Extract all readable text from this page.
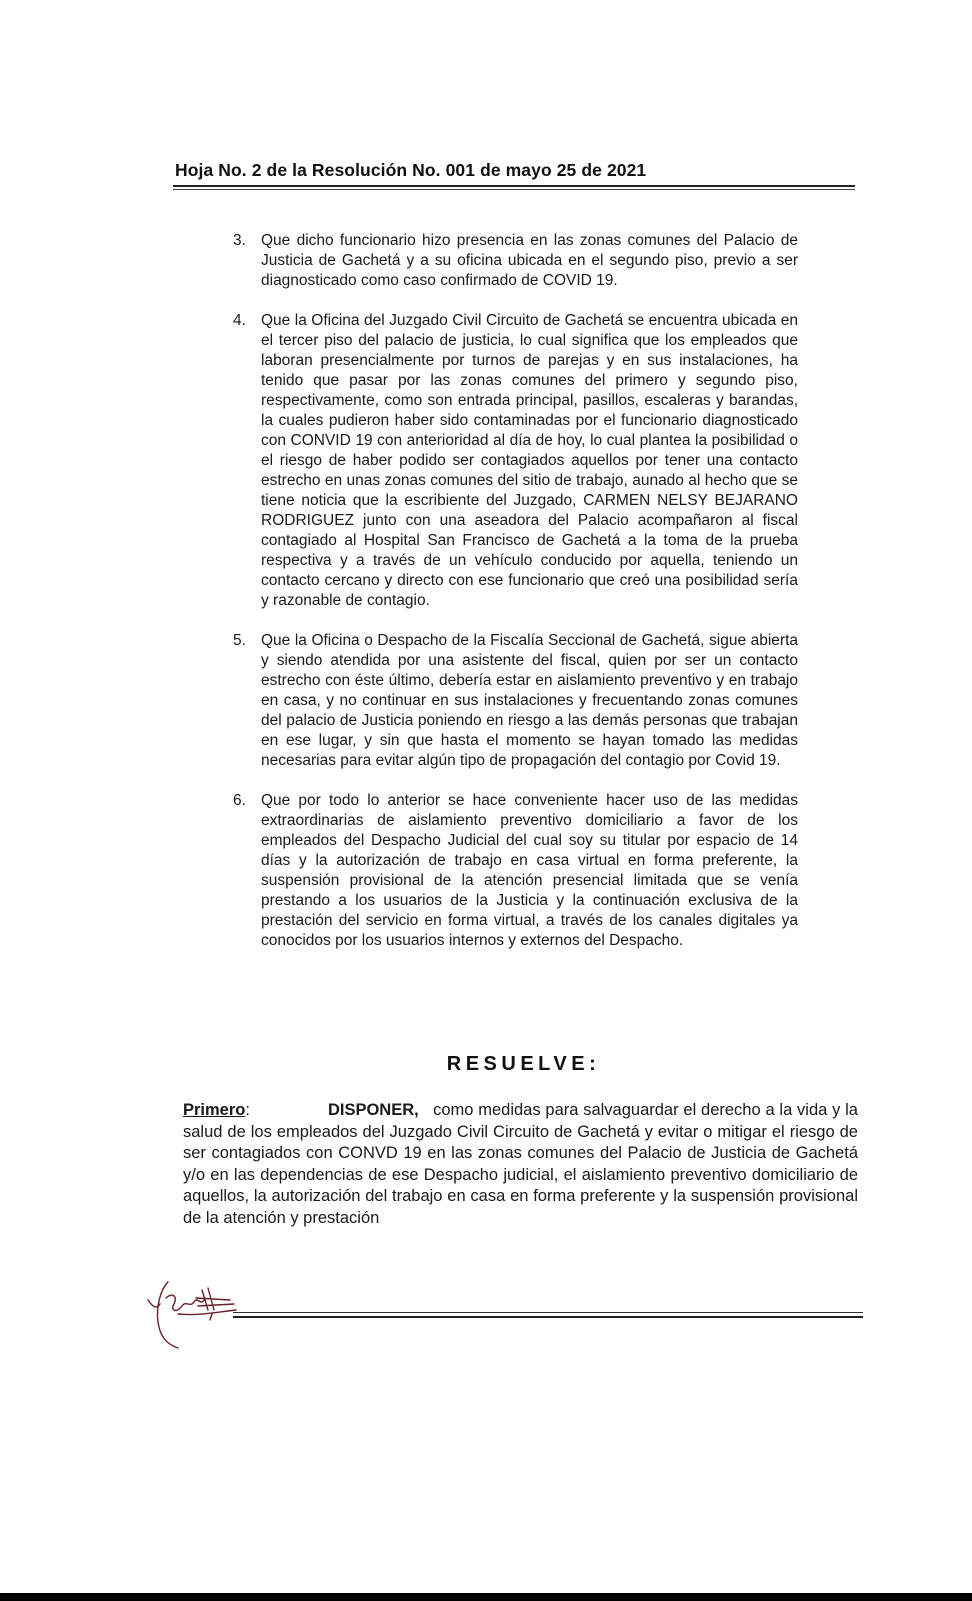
Hoja No. 2 de la Resolución No. 001 de mayo 25 de 2021
3. Que dicho funcionario hizo presencia en las zonas comunes del Palacio de Justicia de Gachetá y a su oficina ubicada en el segundo piso, previo a ser diagnosticado como caso confirmado de COVID 19.

4. Que la Oficina del Juzgado Civil Circuito de Gachetá se encuentra ubicada en el tercer piso del palacio de justicia, lo cual significa que los empleados que laboran presencialmente por turnos de parejas y en sus instalaciones, ha tenido que pasar por las zonas comunes del primero y segundo piso, respectivamente, como son entrada principal, pasillos, escaleras y barandas, la cuales pudieron haber sido contaminadas por el funcionario diagnosticado con CONVID 19 con anterioridad al día de hoy, lo cual plantea la posibilidad o el riesgo de haber podido ser contagiados aquellos por tener una contacto estrecho en unas zonas comunes del sitio de trabajo, aunado al hecho que se tiene noticia que la escribiente del Juzgado, CARMEN NELSY BEJARANO RODRIGUEZ junto con una aseadora del Palacio acompañaron al fiscal contagiado al Hospital San Francisco de Gachetá a la toma de la prueba respectiva y a través de un vehículo conducido por aquella, teniendo un contacto cercano y directo con ese funcionario que creó una posibilidad sería y razonable de contagio.

5. Que la Oficina o Despacho de la Fiscalía Seccional de Gachetá, sigue abierta y siendo atendida por una asistente del fiscal, quien por ser un contacto estrecho con éste último, debería estar en aislamiento preventivo y en trabajo en casa, y no continuar en sus instalaciones y frecuentando zonas comunes del palacio de Justicia poniendo en riesgo a las demás personas que trabajan en ese lugar, y sin que hasta el momento se hayan tomado las medidas necesarias para evitar algún tipo de propagación del contagio por Covid 19.

6. Que por todo lo anterior se hace conveniente hacer uso de las medidas extraordinarias de aislamiento preventivo domiciliario a favor de los empleados del Despacho Judicial del cual soy su titular por espacio de 14 días y la autorización de trabajo en casa virtual en forma preferente, la suspensión provisional de la atención presencial limitada que se venía prestando a los usuarios de la Justicia y la continuación exclusiva de la prestación del servicio en forma virtual, a través de los canales digitales ya conocidos por los usuarios internos y externos del Despacho.

RESUELVE:

Primero:	DISPONER, como medidas para salvaguardar el derecho a la vida y la salud de los empleados del Juzgado Civil Circuito de Gachetá y evitar o mitigar el riesgo de ser contagiados con CONVD 19 en las zonas comunes del Palacio de Justicia de Gachetá y/o en las dependencias de ese Despacho judicial, el aislamiento preventivo domiciliario de aquellos, la autorización del trabajo en casa en forma preferente y la suspensión provisional de la atención y prestación
